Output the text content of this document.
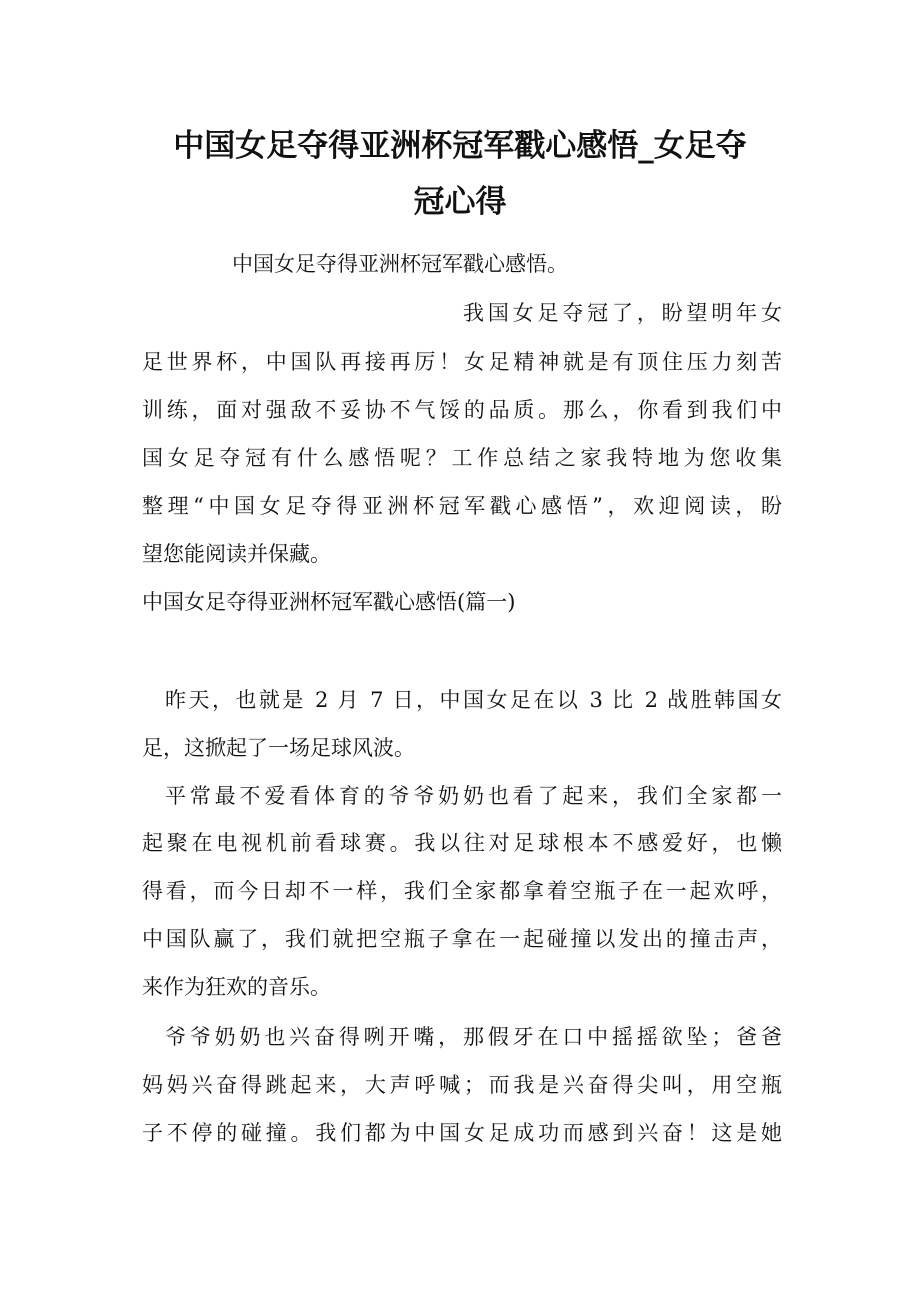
中国女足夺得亚洲杯冠军戳心感悟_女足夺
冠心得

中国女足夺得亚洲杯冠军戳心感悟。

我国女足夺冠了，盼望明年女

足世界杯，中国队再接再厉！女足精神就是有顶住压力刻苦

训练，面对强敌不妥协不气馁的品质。那么，你看到我们中

国女足夺冠有什么感悟呢？工作总结之家我特地为您收集

整理“中国女足夺得亚洲杯冠军戳心感悟”，欢迎阅读，盼

望您能阅读并保藏。

中国女足夺得亚洲杯冠军戳心感悟(篇一)

昨天，也就是 2 月 7 日，中国女足在以 3 比 2 战胜韩国女

足，这掀起了一场足球风波。

平常最不爱看体育的爷爷奶奶也看了起来，我们全家都一

起聚在电视机前看球赛。我以往对足球根本不感爱好，也懒

得看，而今日却不一样，我们全家都拿着空瓶子在一起欢呼，

中国队赢了，我们就把空瓶子拿在一起碰撞以发出的撞击声，

来作为狂欢的音乐。

爷爷奶奶也兴奋得咧开嘴，那假牙在口中摇摇欲坠；爸爸

妈妈兴奋得跳起来，大声呼喊；而我是兴奋得尖叫，用空瓶

子不停的碰撞。我们都为中国女足成功而感到兴奋！这是她
